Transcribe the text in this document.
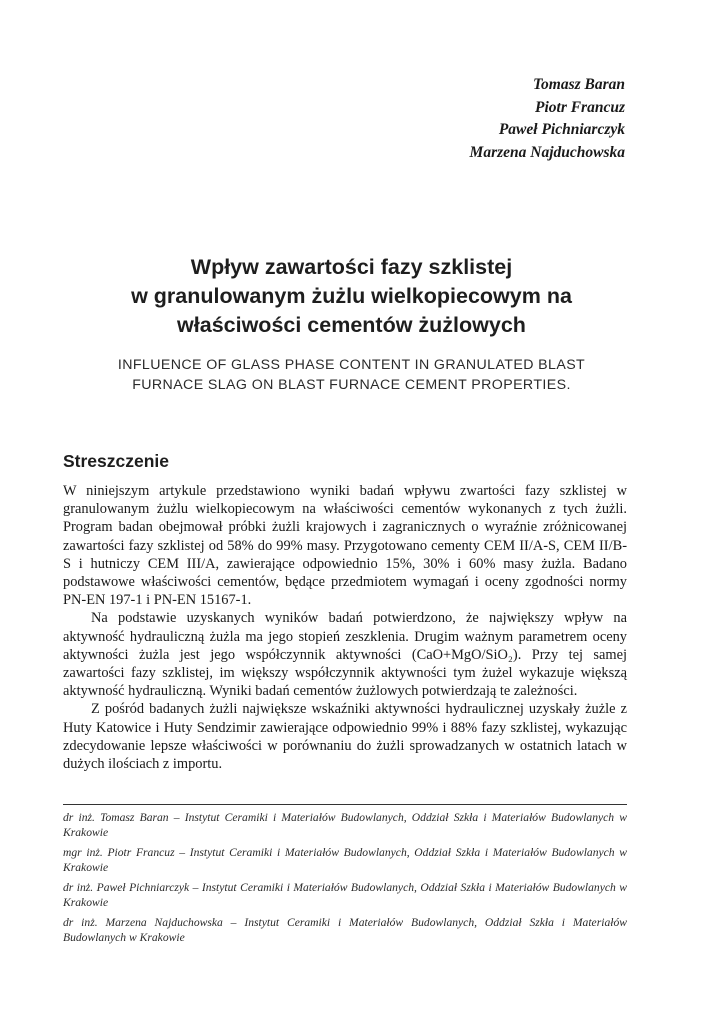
Tomasz Baran
Piotr Francuz
Paweł Pichniarczyk
Marzena Najduchowska
Wpływ zawartości fazy szklistej
w granulowanym żużlu wielkopiecowym na
właściwości cementów żużlowych
INFLUENCE OF GLASS PHASE CONTENT IN GRANULATED BLAST
FURNACE SLAG ON BLAST FURNACE CEMENT PROPERTIES.
Streszczenie

W niniejszym artykule przedstawiono wyniki badań wpływu zwartości fazy szklistej w granulowanym żużlu wielkopiecowym na właściwości cementów wykonanych z tych żużli. Program badan obejmował próbki żużli krajowych i zagranicznych o wyraźnie zróżnicowanej zawartości fazy szklistej od 58% do 99% masy. Przygotowano cementy CEM II/A-S, CEM II/B-S i hutniczy CEM III/A, zawierające odpowiednio 15%, 30% i 60% masy żużla. Badano podstawowe właściwości cementów, będące przedmiotem wymagań i oceny zgodności normy PN-EN 197-1 i PN-EN 15167-1.

Na podstawie uzyskanych wyników badań potwierdzono, że największy wpływ na aktywność hydrauliczną żużla ma jego stopień zeszklenia. Drugim ważnym parametrem oceny aktywności żużla jest jego współczynnik aktywności (CaO+MgO/SiO₂). Przy tej samej zawartości fazy szklistej, im większy współczynnik aktywności tym żużel wykazuje większą aktywność hydrauliczną. Wyniki badań cementów żużlowych potwierdzają te zależności.

Z pośród badanych żużli największe wskaźniki aktywności hydraulicznej uzyskały żużle z Huty Katowice i Huty Sendzimir zawierające odpowiednio 99% i 88% fazy szklistej, wykazując zdecydowanie lepsze właściwości w porównaniu do żużli sprowadzanych w ostatnich latach w dużych ilościach z importu.

dr inż. Tomasz Baran – Instytut Ceramiki i Materiałów Budowlanych, Oddział Szkła i Materiałów Budowlanych w Krakowie

mgr inż. Piotr Francuz – Instytut Ceramiki i Materiałów Budowlanych, Oddział Szkła i Materiałów Budowlanych w Krakowie

dr inż. Paweł Pichniarczyk – Instytut Ceramiki i Materiałów Budowlanych, Oddział Szkła i Materiałów Budowlanych w Krakowie

dr inż. Marzena Najduchowska – Instytut Ceramiki i Materiałów Budowlanych, Oddział Szkła i Materiałów Budowlanych w Krakowie
